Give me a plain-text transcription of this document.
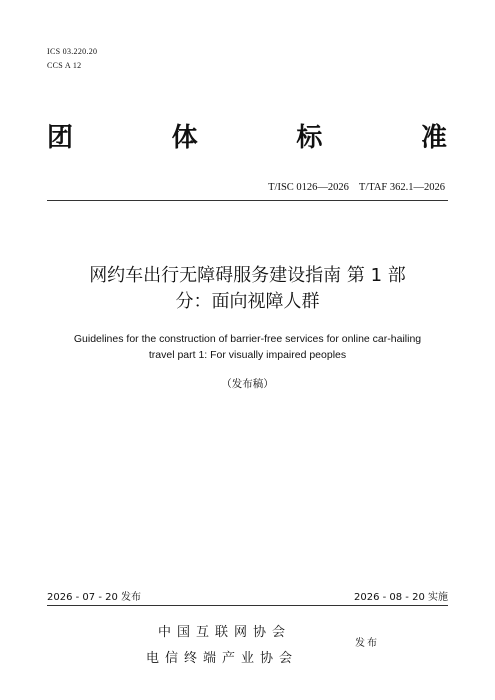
ICS 03.220.20
CCS A 12
团	体	标	准
T/ISC 0126—2026 T/TAF 362.1—2026
网约车出行无障碍服务建设指南 第 1 部
分：面向视障人群
Guidelines for the construction of barrier-free services for online car-hailing
travel part 1: For visually impaired peoples
（发布稿）
2026 - 07 - 20 发布	2026 - 08 - 20 实施
中国互联网协会
电信终端产业协会
发布
